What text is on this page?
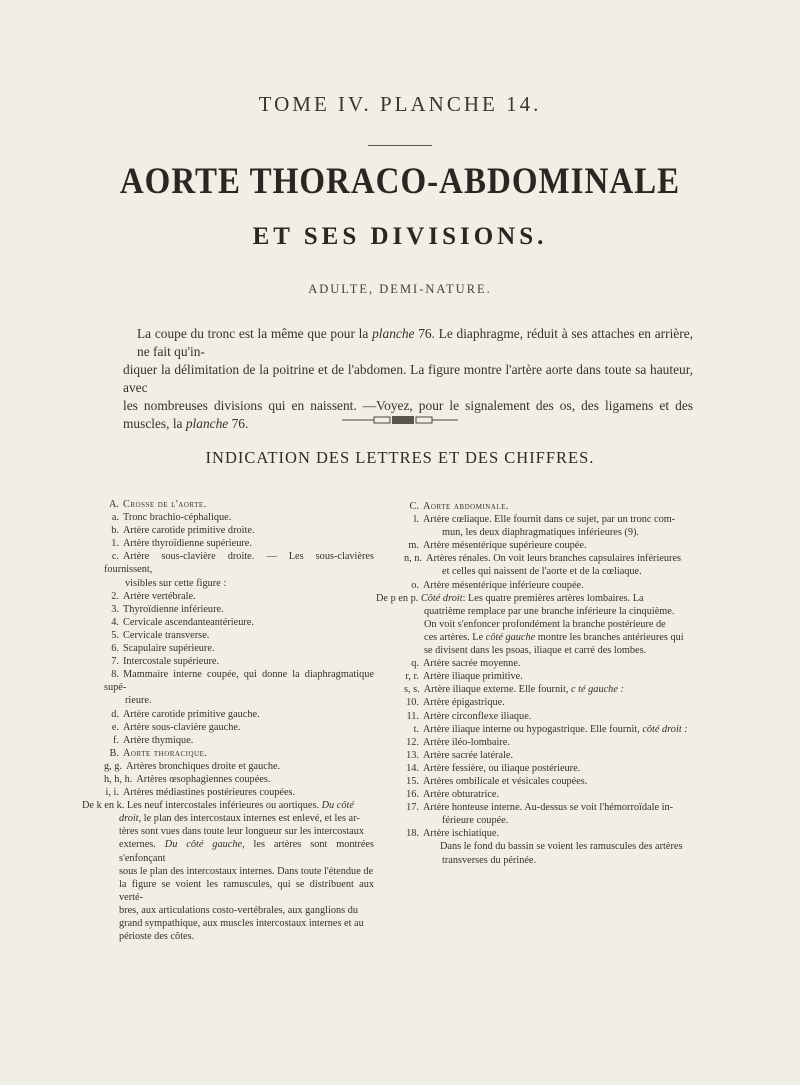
TOME IV. PLANCHE 14.
AORTE THORACO-ABDOMINALE
ET SES DIVISIONS.
ADULTE, DEMI-NATURE.
La coupe du tronc est la même que pour la planche 76. Le diaphragme, réduit à ses attaches en arrière, ne fait qu'in-
diquer la délimitation de la poitrine et de l'abdomen. La figure montre l'artère aorte dans toute sa hauteur, avec
les nombreuses divisions qui en naissent. —Voyez, pour le signalement des os, des ligamens et des muscles, la planche 76.
INDICATION DES LETTRES ET DES CHIFFRES.
A. Crosse de l'aorte.
a. Tronc brachio-céphalique.
b. Artère carotide primitive droite.
1. Artère thyroïdienne supérieure.
c. Artère sous-clavière droite. — Les sous-clavières fournissent,
visibles sur cette figure :
2. Artère vertébrale.
3. Thyroïdienne inférieure.
4. Cervicale ascendanteantérieure.
5. Cervicale transverse.
6. Scapulaire supérieure.
7. Intercostale supérieure.
8. Mammaire interne coupée, qui donne la diaphragmatique supé-
rieure.
d. Artère carotide primitive gauche.
e. Artère sous-clavière gauche.
f. Artère thymique.
B. Aorte thoracique.
g, g. Artères bronchiques droite et gauche.
h, h, h. Artères œsophagiennes coupées.
i, i. Artères médiastines postérieures coupées.
De k en k. Les neuf intercostales inférieures ou aortiques. Du côté
droit, le plan des intercostaux internes est enlevé, et les ar-
tères sont vues dans toute leur longueur sur les intercostaux
externes. Du côté gauche, les artères sont montrées s'enfonçant
sous le plan des intercostaux internes. Dans toute l'étendue de
la figure se voient les ramuscules, qui se distribuent aux verté-
bres, aux articulations costo-vertébrales, aux ganglions du
grand sympathique, aux muscles intercostaux internes et au
périoste des côtes.
C. Aorte abdominale.
l. Artère cœliaque. Elle fournit dans ce sujet, par un tronc com-
mun, les deux diaphragmatiques inférieures (9).
m. Artère mésentérique supérieure coupée.
n, n. Artères rénales. On voit leurs branches capsulaires inférieures
et celles qui naissent de l'aorte et de la cœliaque.
o. Artère mésentérique inférieure coupée.
De p en p. Côté droit: Les quatre premières artères lombaires. La
quatrième remplace par une branche inférieure la cinquième.
On voit s'enfoncer profondément la branche postérieure de
ces artères. Le côté gauche montre les branches antérieures qui
se divisent dans les psoas, iliaque et carré des lombes.
q. Artère sacrée moyenne.
r, r. Artère iliaque primitive.
s, s. Artère iliaque externe. Elle fournit, c té gauche :
10. Artère épigastrique.
11. Artère circonflexe iliaque.
t. Artère iliaque interne ou hypogastrique. Elle fournit, côté droit :
12. Artère iléo-lombaire.
13. Artère sacrée latérale.
14. Artère fessière, ou iliaque postérieure.
15. Artères ombilicale et vésicales coupées.
16. Artère obturatrice.
17. Artère honteuse interne. Au-dessus se voit l'hémorroïdale in-
férieure coupée.
18. Artère ischiatique.
Dans le fond du bassin se voient les ramuscules des artères
transverses du périnée.
